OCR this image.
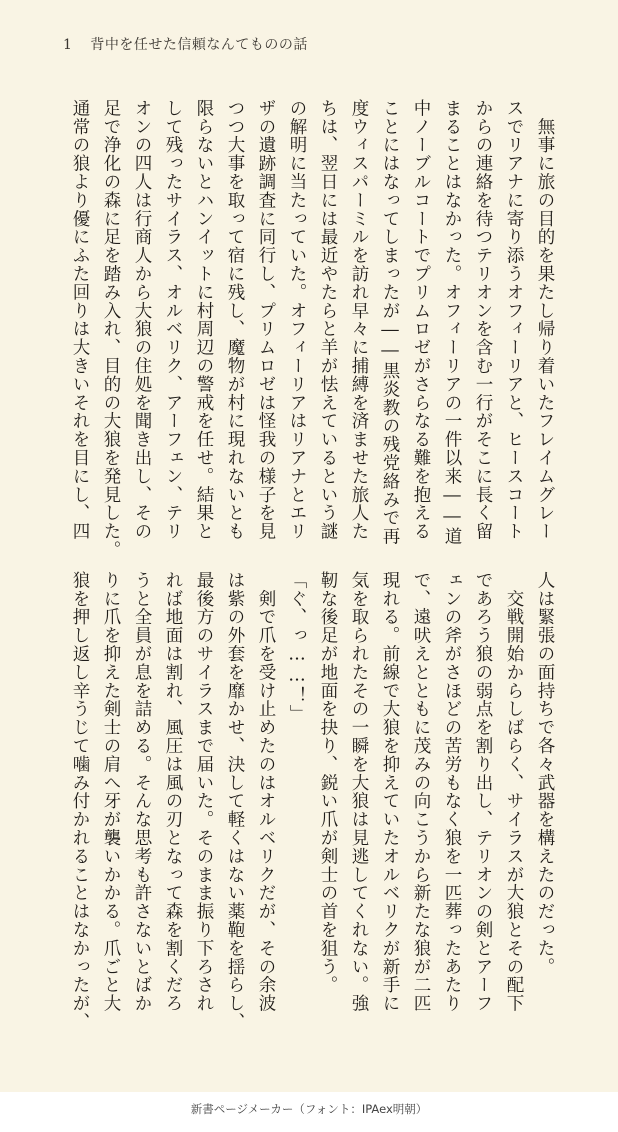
1 背中を任せた信頼なんてものの話
　無事に旅の目的を果たし帰り着いたフレイムグレー
スでリアナに寄り添うオフィーリアと、ヒースコート
からの連絡を待つテリオンを含む一行がそこに長く留
まることはなかった。オフィーリアの一件以来――道
中ノーブルコートでプリムロゼがさらなる難を抱える
ことにはなってしまったが――黒炎教の残党絡みで再
度ウィスパーミルを訪れ早々に捕縛を済ませた旅人た
ちは、翌日には最近やたらと羊が怯えているという謎
の解明に当たっていた。オフィーリアはリアナとエリ
ザの遺跡調査に同行し、プリムロゼは怪我の様子を見
つつ大事を取って宿に残し、魔物が村に現れないとも
限らないとハンイットに村周辺の警戒を任せ。結果と
して残ったサイラス、オルベリク、アーフェン、テリ
オンの四人は行商人から大狼の住処を聞き出し、その
足で浄化の森に足を踏み入れ、目的の大狼を発見した。
通常の狼より優にふた回りは大きいそれを目にし、四
人は緊張の面持ちで各々武器を構えたのだった。
　交戦開始からしばらく、サイラスが大狼とその配下
であろう狼の弱点を割り出し、テリオンの剣とアーフ
ェンの斧がさほどの苦労もなく狼を一匹葬ったあたり
で、遠吠えとともに茂みの向こうから新たな狼が二匹
現れる。前線で大狼を抑えていたオルベリクが新手に
気を取られたその一瞬を大狼は見逃してくれない。強
靭な後足が地面を抉り、鋭い爪が剣士の首を狙う。
「ぐ、っ……！」
　剣で爪を受け止めたのはオルベリクだが、その余波
は紫の外套を靡かせ、決して軽くはない薬鞄を揺らし、
最後方のサイラスまで届いた。そのまま振り下ろされ
れば地面は割れ、風圧は風の刃となって森を割くだろ
うと全員が息を詰める。そんな思考も許さないとばか
りに爪を抑えた剣士の肩へ牙が襲いかかる。爪ごと大
狼を押し返し辛うじて噛み付かれることはなかったが、
新書ページメーカー（フォント：IPAex明朝）
